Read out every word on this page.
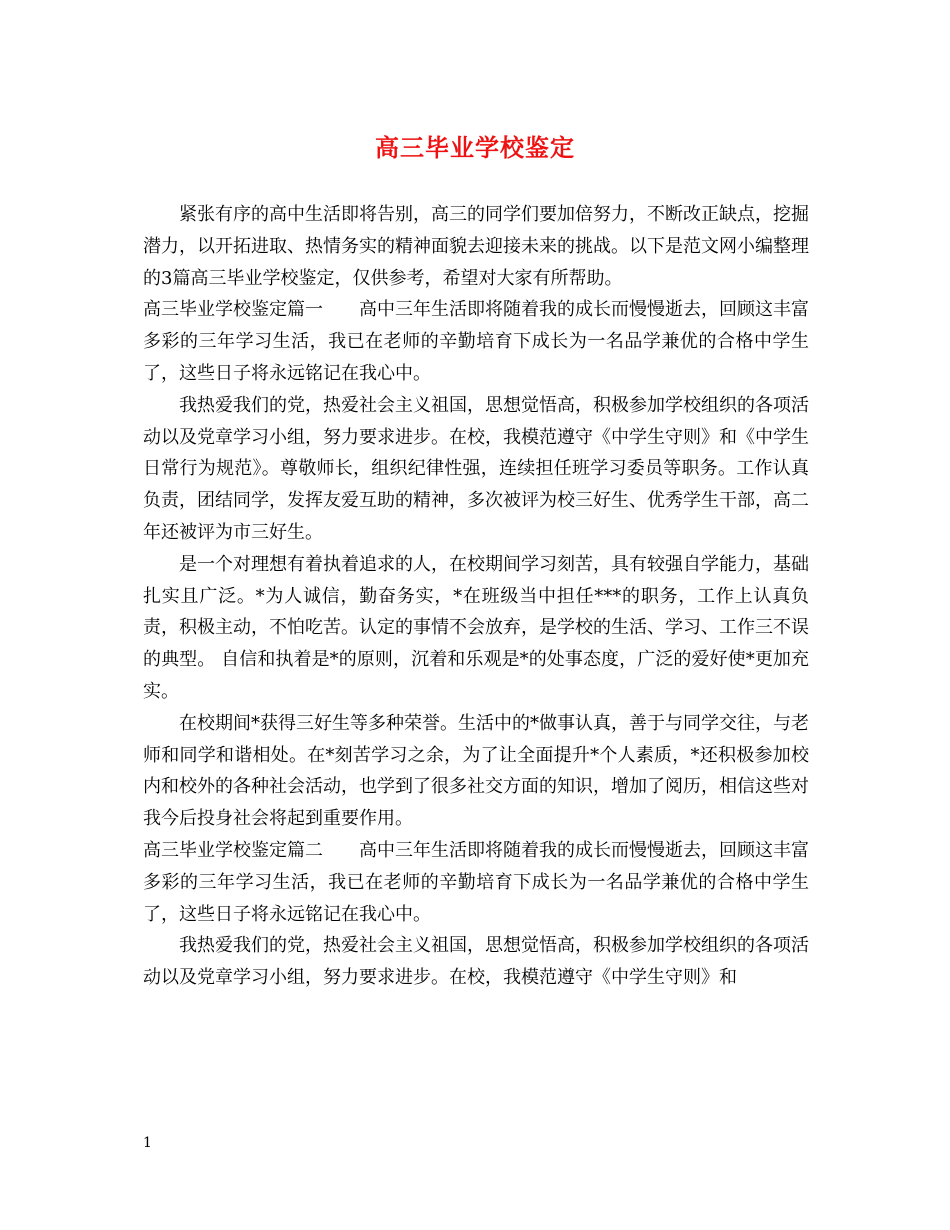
高三毕业学校鉴定

紧张有序的高中生活即将告别，高三的同学们要加倍努力，不断改正缺点，挖掘潜力，以开拓进取、热情务实的精神面貌去迎接未来的挑战。以下是范文网小编整理的3篇高三毕业学校鉴定，仅供参考，希望对大家有所帮助。

高三毕业学校鉴定篇一 高中三年生活即将随着我的成长而慢慢逝去，回顾这丰富多彩的三年学习生活，我已在老师的辛勤培育下成长为一名品学兼优的合格中学生了，这些日子将永远铭记在我心中。

我热爱我们的党，热爱社会主义祖国，思想觉悟高，积极参加学校组织的各项活动以及党章学习小组，努力要求进步。在校，我模范遵守《中学生守则》和《中学生日常行为规范》。尊敬师长，组织纪律性强，连续担任班学习委员等职务。工作认真负责，团结同学，发挥友爱互助的精神，多次被评为校三好生、优秀学生干部，高二年还被评为市三好生。

是一个对理想有着执着追求的人，在校期间学习刻苦，具有较强自学能力，基础扎实且广泛。*为人诚信，勤奋务实，*在班级当中担任***的职务，工作上认真负责，积极主动，不怕吃苦。认定的事情不会放弃，是学校的生活、学习、工作三不误的典型。 自信和执着是*的原则，沉着和乐观是*的处事态度，广泛的爱好使*更加充实。

在校期间*获得三好生等多种荣誉。生活中的*做事认真，善于与同学交往，与老师和同学和谐相处。在*刻苦学习之余，为了让全面提升*个人素质，*还积极参加校内和校外的各种社会活动，也学到了很多社交方面的知识，增加了阅历，相信这些对我今后投身社会将起到重要作用。

高三毕业学校鉴定篇二 高中三年生活即将随着我的成长而慢慢逝去，回顾这丰富多彩的三年学习生活，我已在老师的辛勤培育下成长为一名品学兼优的合格中学生了，这些日子将永远铭记在我心中。

我热爱我们的党，热爱社会主义祖国，思想觉悟高，积极参加学校组织的各项活动以及党章学习小组，努力要求进步。在校，我模范遵守《中学生守则》和

1
